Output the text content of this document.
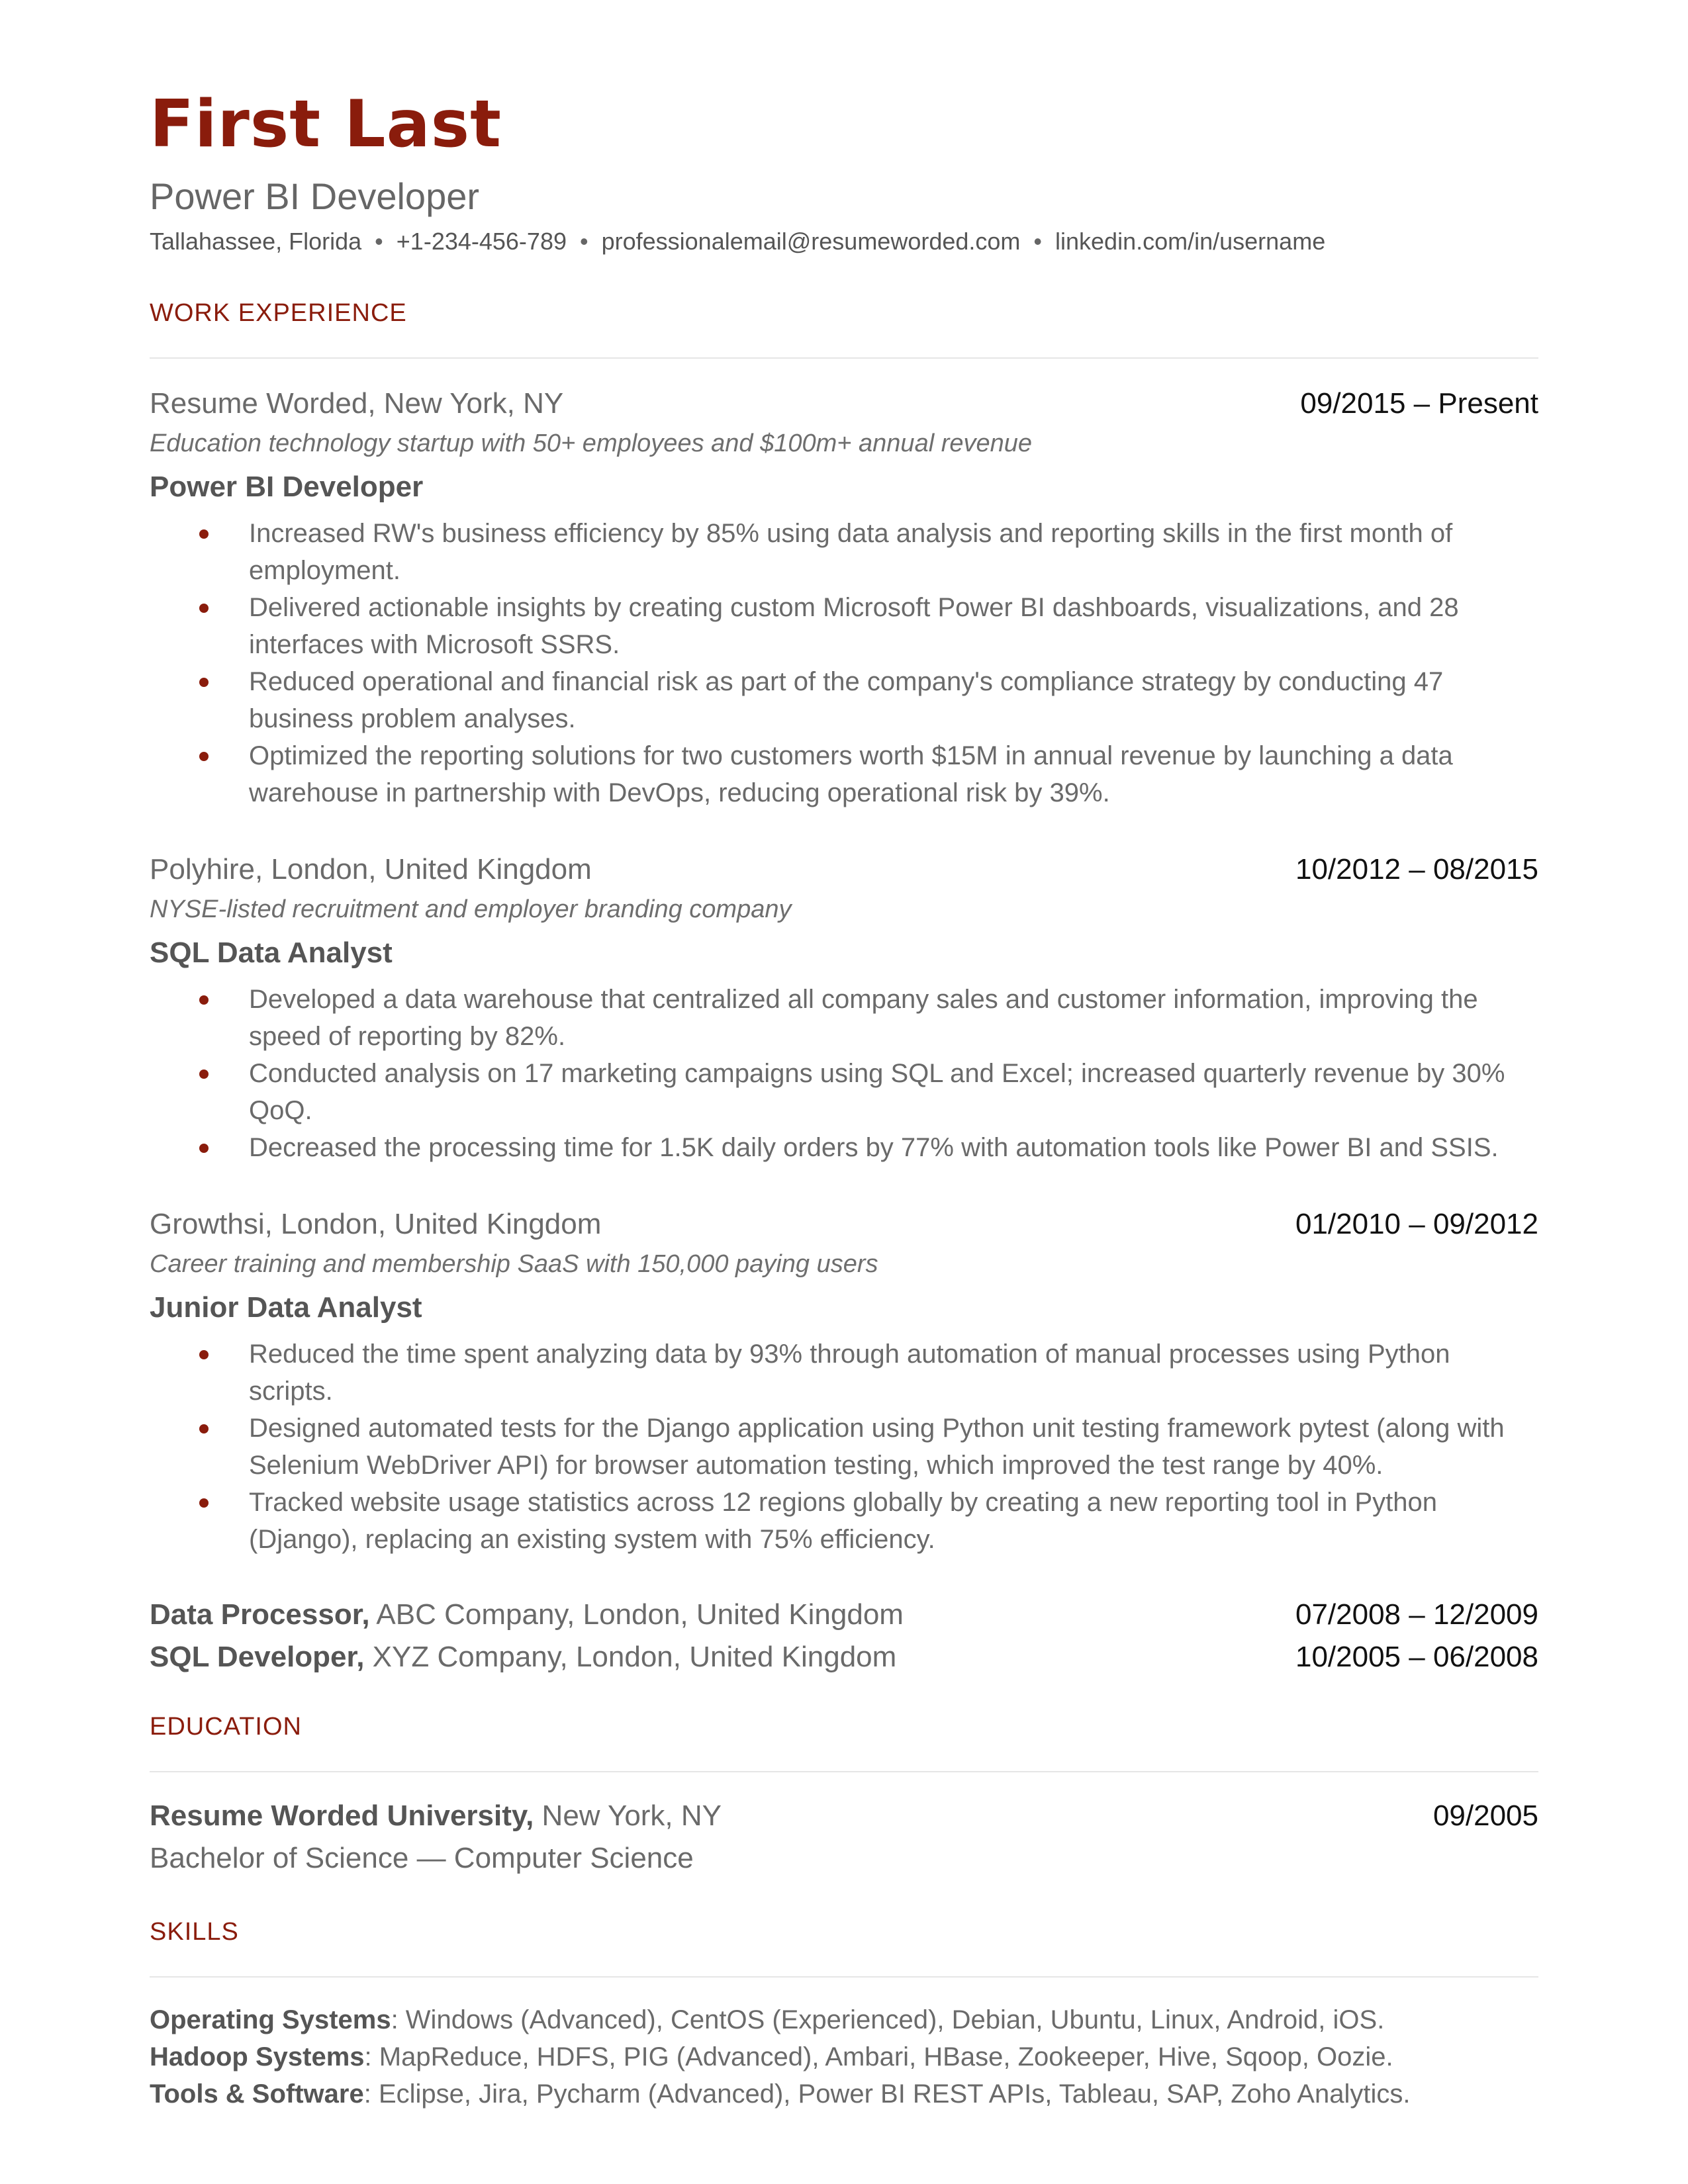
First Last
Power BI Developer
Tallahassee, Florida • +1-234-456-789 • professionalemail@resumeworded.com • linkedin.com/in/username
WORK EXPERIENCE
Resume Worded, New York, NY	09/2015 – Present
Education technology startup with 50+ employees and $100m+ annual revenue
Power BI Developer
Increased RW's business efficiency by 85% using data analysis and reporting skills in the first month of employment.
Delivered actionable insights by creating custom Microsoft Power BI dashboards, visualizations, and 28 interfaces with Microsoft SSRS.
Reduced operational and financial risk as part of the company's compliance strategy by conducting 47 business problem analyses.
Optimized the reporting solutions for two customers worth $15M in annual revenue by launching a data warehouse in partnership with DevOps, reducing operational risk by 39%.
Polyhire, London, United Kingdom	10/2012 – 08/2015
NYSE-listed recruitment and employer branding company
SQL Data Analyst
Developed a data warehouse that centralized all company sales and customer information, improving the speed of reporting by 82%.
Conducted analysis on 17 marketing campaigns using SQL and Excel; increased quarterly revenue by 30% QoQ.
Decreased the processing time for 1.5K daily orders by 77% with automation tools like Power BI and SSIS.
Growthsi, London, United Kingdom	01/2010 – 09/2012
Career training and membership SaaS with 150,000 paying users
Junior Data Analyst
Reduced the time spent analyzing data by 93% through automation of manual processes using Python scripts.
Designed automated tests for the Django application using Python unit testing framework pytest (along with Selenium WebDriver API) for browser automation testing, which improved the test range by 40%.
Tracked website usage statistics across 12 regions globally by creating a new reporting tool in Python (Django), replacing an existing system with 75% efficiency.
Data Processor, ABC Company, London, United Kingdom	07/2008 – 12/2009
SQL Developer, XYZ Company, London, United Kingdom	10/2005 – 06/2008
EDUCATION
Resume Worded University, New York, NY	09/2005
Bachelor of Science — Computer Science
SKILLS
Operating Systems: Windows (Advanced), CentOS (Experienced), Debian, Ubuntu, Linux, Android, iOS.
Hadoop Systems: MapReduce, HDFS, PIG (Advanced), Ambari, HBase, Zookeeper, Hive, Sqoop, Oozie.
Tools & Software: Eclipse, Jira, Pycharm (Advanced), Power BI REST APIs, Tableau, SAP, Zoho Analytics.
